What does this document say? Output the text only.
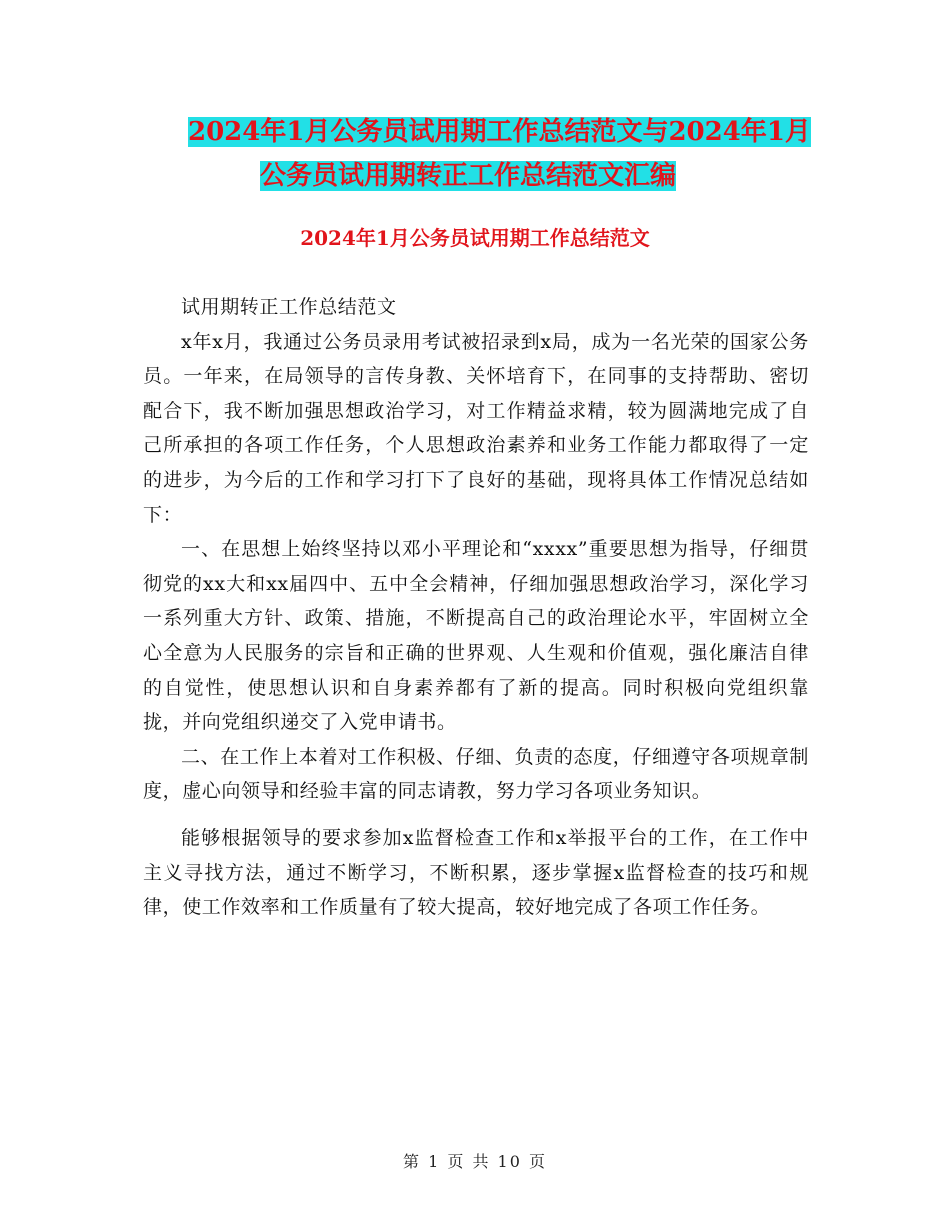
2024年1月公务员试用期工作总结范文与2024年1月
公务员试用期转正工作总结范文汇编
2024年1月公务员试用期工作总结范文

试用期转正工作总结范文

x年x月，我通过公务员录用考试被招录到x局，成为一名光荣的国家公务员。一年来，在局领导的言传身教、关怀培育下，在同事的支持帮助、密切配合下，我不断加强思想政治学习，对工作精益求精，较为圆满地完成了自己所承担的各项工作任务，个人思想政治素养和业务工作能力都取得了一定的进步，为今后的工作和学习打下了良好的基础，现将具体工作情况总结如下：

一、在思想上始终坚持以邓小平理论和“xxxx”重要思想为指导，仔细贯彻党的xx大和xx届四中、五中全会精神，仔细加强思想政治学习，深化学习一系列重大方针、政策、措施，不断提高自己的政治理论水平，牢固树立全心全意为人民服务的宗旨和正确的世界观、人生观和价值观，强化廉洁自律的自觉性，使思想认识和自身素养都有了新的提高。同时积极向党组织靠拢，并向党组织递交了入党申请书。

二、在工作上本着对工作积极、仔细、负责的态度，仔细遵守各项规章制度，虚心向领导和经验丰富的同志请教，努力学习各项业务知识。

能够根据领导的要求参加x监督检查工作和x举报平台的工作，在工作中主义寻找方法，通过不断学习，不断积累，逐步掌握x监督检查的技巧和规律，使工作效率和工作质量有了较大提高，较好地完成了各项工作任务。

第 1 页 共 10 页
